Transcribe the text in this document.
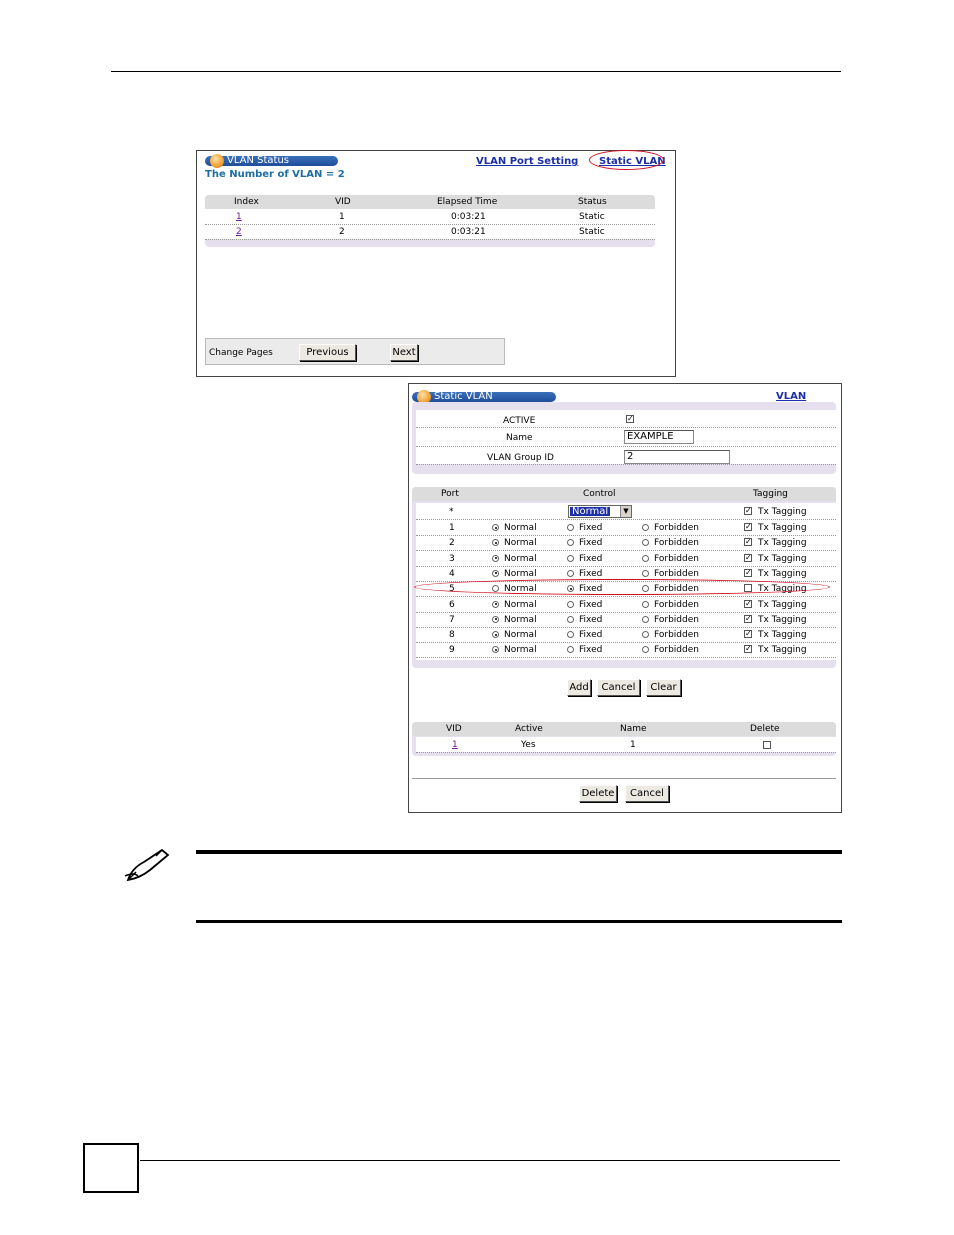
VLAN Status
The Number of VLAN = 2
VLAN Port Setting Static VLAN
Index	VID	Elapsed Time	Status
1	1	0:03:21	Static
2	2	0:03:21	Static
Change Pages	Previous	Next
Static VLAN	VLAN
ACTIVE	✓
Name	EXAMPLE
VLAN Group ID	2
Port	Control	Tagging
*	Normal	▼	✓ Tx Tagging
1	Normal	Fixed	Forbidden	✓ Tx Tagging
2	Normal	Fixed	Forbidden	✓ Tx Tagging
3	Normal	Fixed	Forbidden	✓ Tx Tagging
4	Normal	Fixed	Forbidden	✓ Tx Tagging
5	Normal	Fixed	Forbidden	Tx Tagging
6	Normal	Fixed	Forbidden	✓ Tx Tagging
7	Normal	Fixed	Forbidden	✓ Tx Tagging
8	Normal	Fixed	Forbidden	✓ Tx Tagging
9	Normal	Fixed	Forbidden	✓ Tx Tagging
Add	Cancel	Clear
VID	Active	Name	Delete
1	Yes	1
Delete	Cancel
